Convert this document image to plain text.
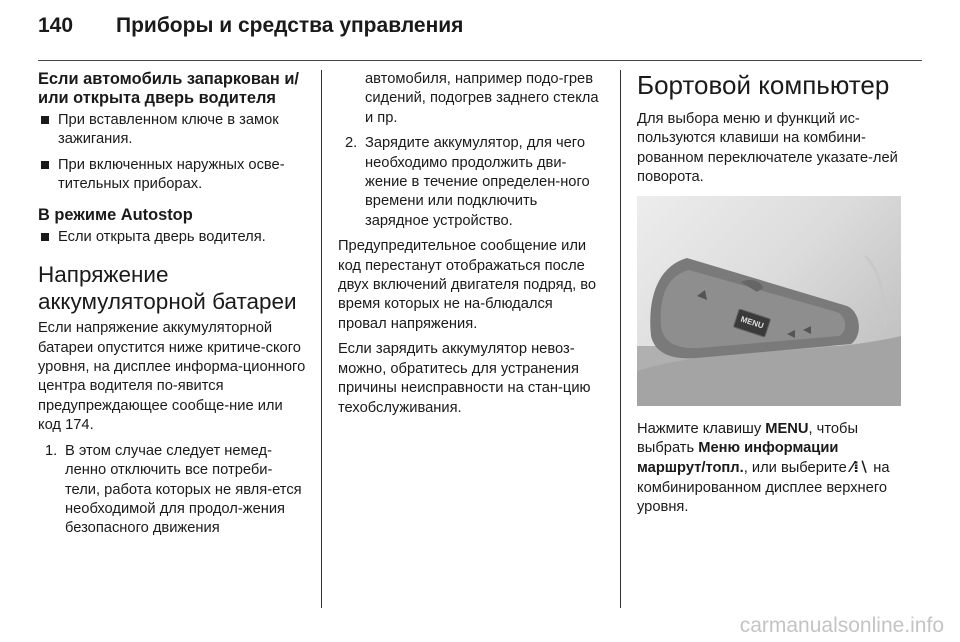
140	Приборы и средства управления
Если автомобиль запаркован и/или открыта дверь водителя
При вставленном ключе в замок зажигания.
При включенных наружных осве-тительных приборах.
В режиме Autostop
Если открыта дверь водителя.
Напряжение аккумуляторной батареи

Если напряжение аккумуляторной батареи опустится ниже критиче-ского уровня, на дисплее информа-ционного центра водителя по-явится предупреждающее сообще-ние или код 174.

1. В этом случае следует немед-ленно отключить все потреби-тели, работа которых не явля-ется необходимой для продол-жения безопасного движения
автомобиля, например подо-грев сидений, подогрев заднего стекла и пр.
2. Зарядите аккумулятор, для чего необходимо продолжить дви-жение в течение определен-ного времени или подключить зарядное устройство.

Предупредительное сообщение или код перестанут отображаться после двух включений двигателя подряд, во время которых не на-блюдался провал напряжения.

Если зарядить аккумулятор невоз-можно, обратитесь для устранения причины неисправности на стан-цию техобслуживания.

Бортовой компьютер

Для выбора меню и функций ис-пользуются клавиши на комбини-рованном переключателе указате-лей поворота.

MENU

Нажмите клавишу MENU, чтобы выбрать Меню информации маршрут/топл., или выберите ⁄⁞∖ на комбинированном дисплее верхнего уровня.

carmanualsonline.info
